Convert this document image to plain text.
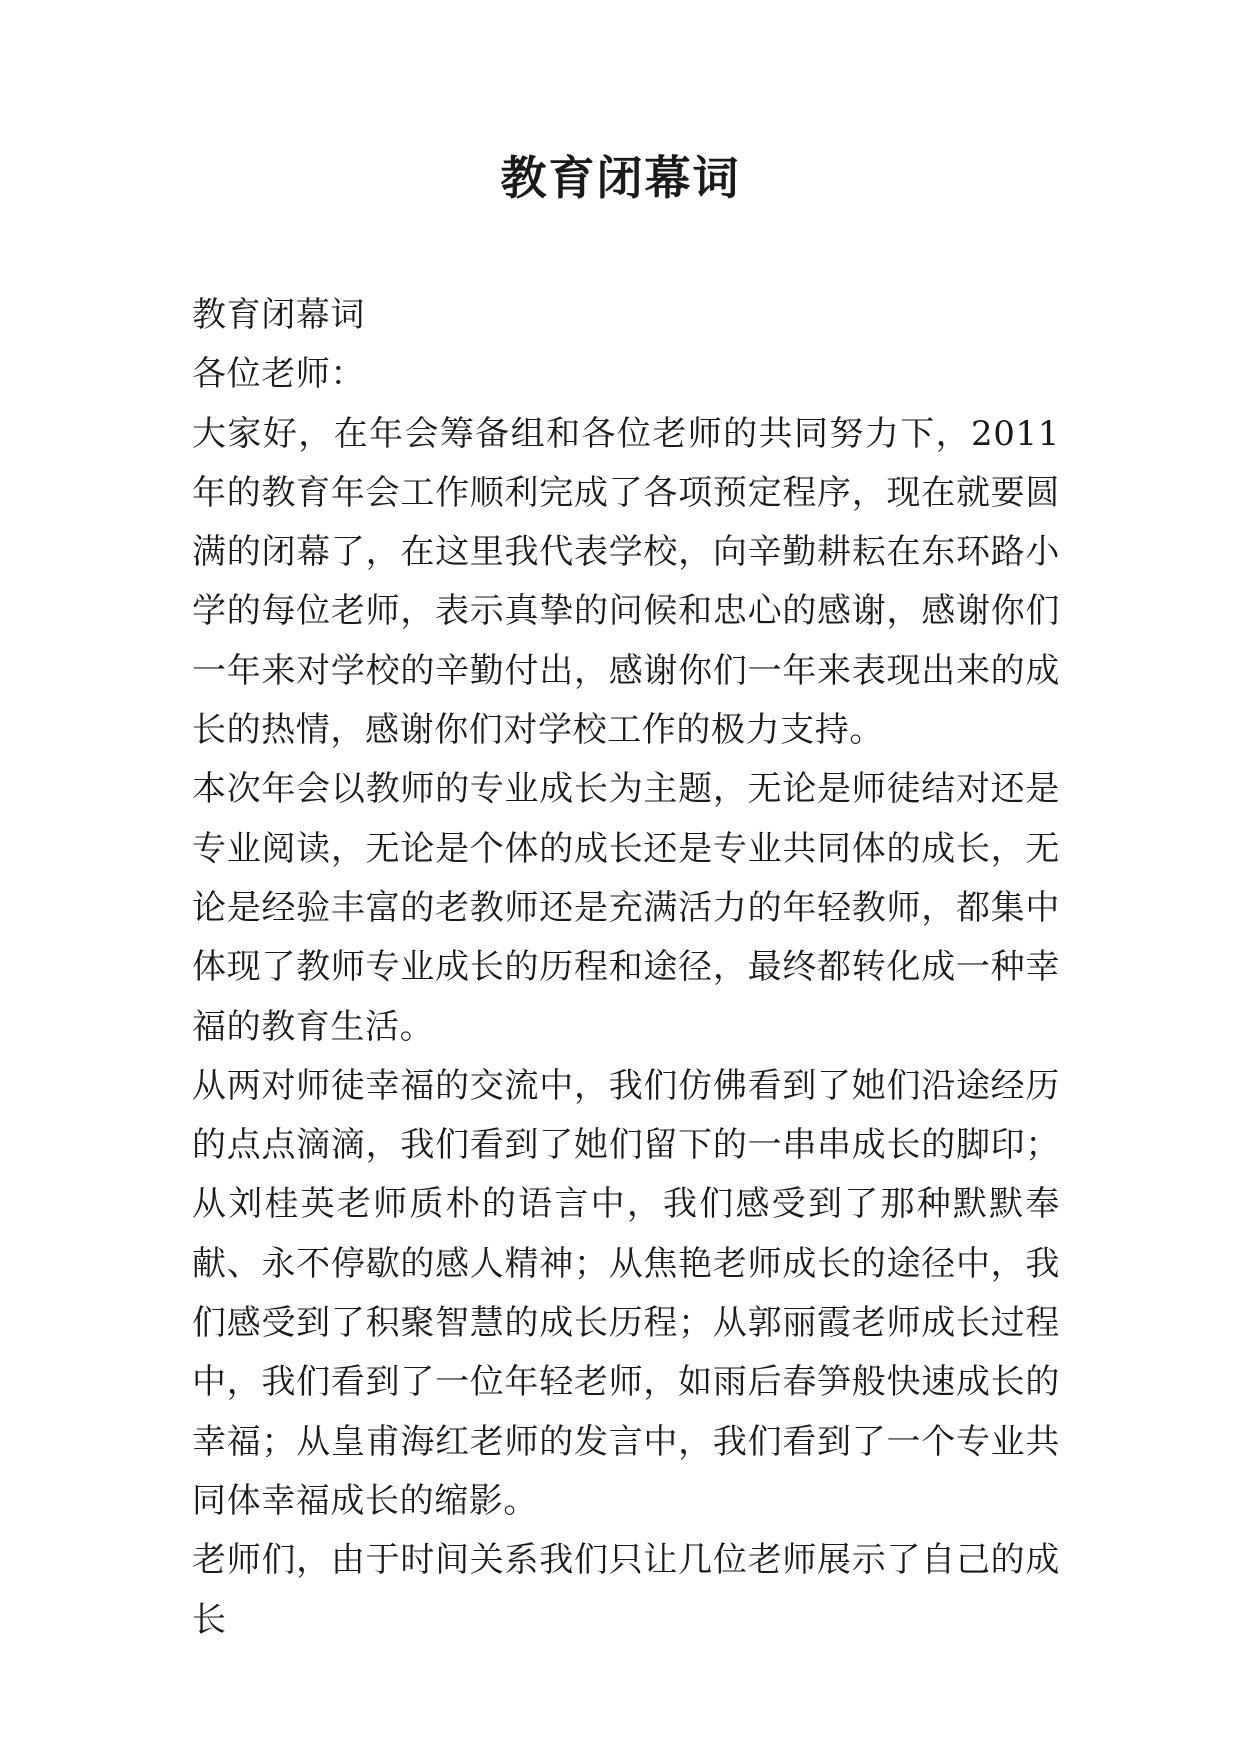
教育闭幕词

教育闭幕词

各位老师：

大家好，在年会筹备组和各位老师的共同努力下，2011年的教育年会工作顺利完成了各项预定程序，现在就要圆满的闭幕了，在这里我代表学校，向辛勤耕耘在东环路小学的每位老师，表示真挚的问候和忠心的感谢，感谢你们一年来对学校的辛勤付出，感谢你们一年来表现出来的成长的热情，感谢你们对学校工作的极力支持。

本次年会以教师的专业成长为主题，无论是师徒结对还是专业阅读，无论是个体的成长还是专业共同体的成长，无论是经验丰富的老教师还是充满活力的年轻教师，都集中体现了教师专业成长的历程和途径，最终都转化成一种幸福的教育生活。

从两对师徒幸福的交流中，我们仿佛看到了她们沿途经历的点点滴滴，我们看到了她们留下的一串串成长的脚印；从刘桂英老师质朴的语言中，我们感受到了那种默默奉献、永不停歇的感人精神；从焦艳老师成长的途径中，我们感受到了积聚智慧的成长历程；从郭丽霞老师成长过程中，我们看到了一位年轻老师，如雨后春笋般快速成长的幸福；从皇甫海红老师的发言中，我们看到了一个专业共同体幸福成长的缩影。

老师们，由于时间关系我们只让几位老师展示了自己的成长
